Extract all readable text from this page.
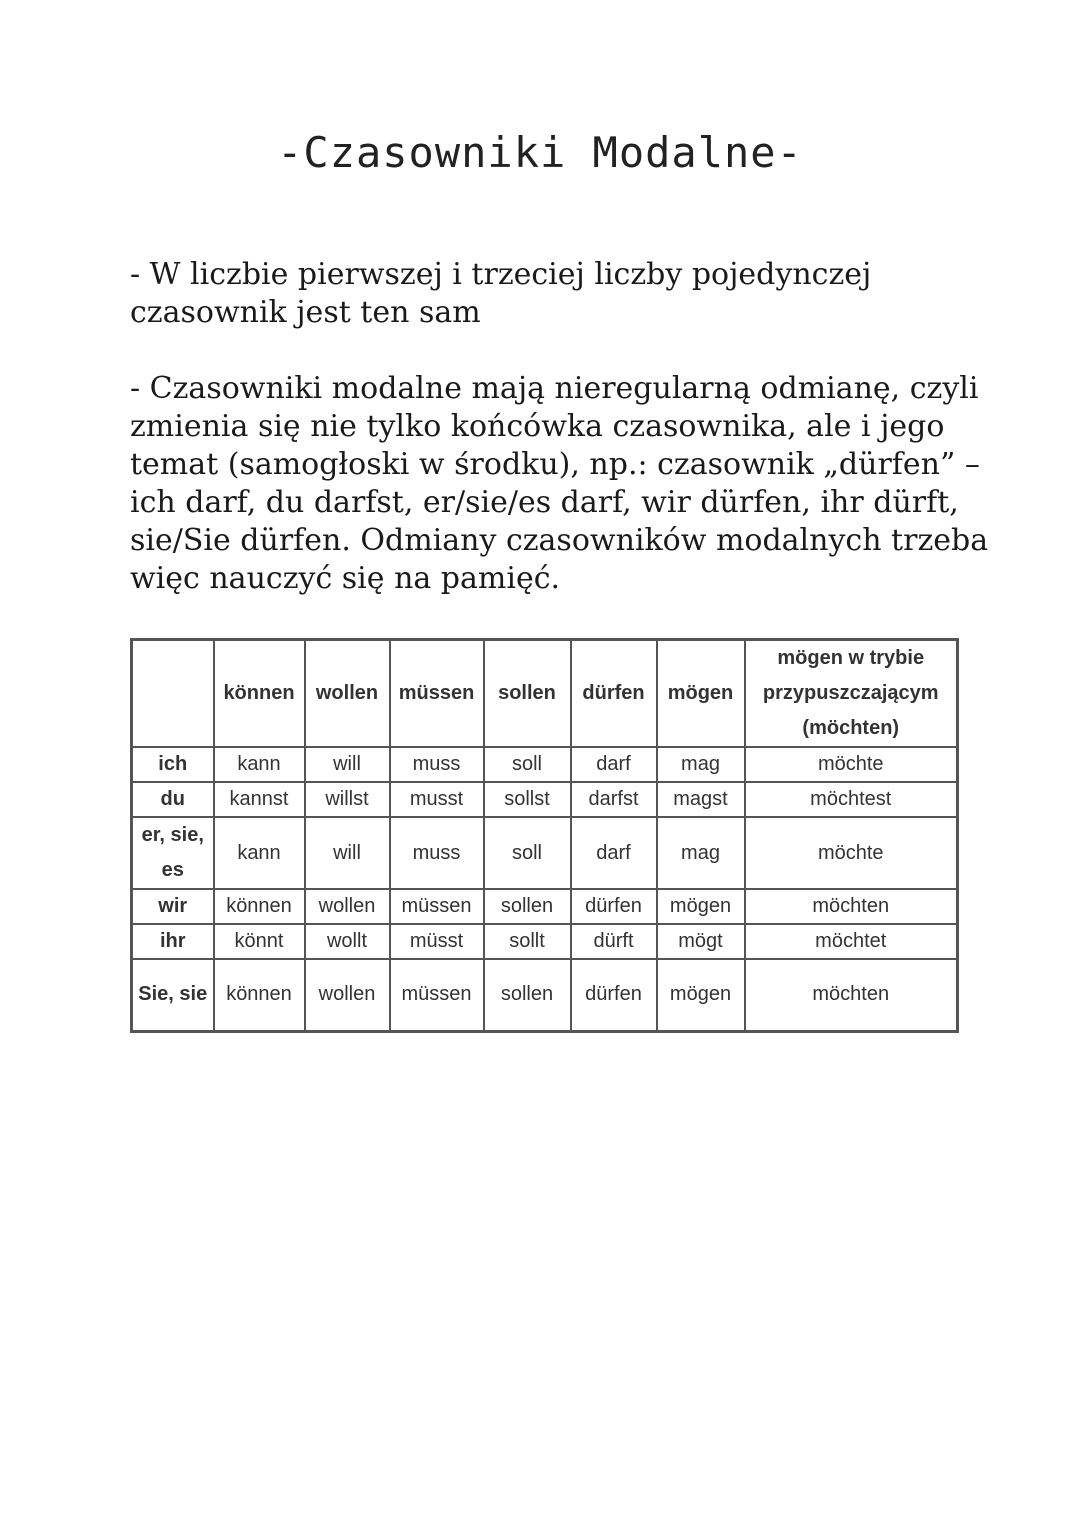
-Czasowniki Modalne-
- W liczbie pierwszej i trzeciej liczby pojedynczej czasownik jest ten sam
- Czasowniki modalne mają nieregularną odmianę, czyli zmienia się nie tylko końcówka czasownika, ale i jego temat (samogłoski w środku), np.: czasownik „dürfen” – ich darf, du darfst, er/sie/es darf, wir dürfen, ihr dürft, sie/Sie dürfen. Odmiany czasowników modalnych trzeba więc nauczyć się na pamięć.
	können	wollen	müssen	sollen	dürfen	mögen	mögen w trybie przypuszczającym (möchten)
ich	kann	will	muss	soll	darf	mag	möchte
du	kannst	willst	musst	sollst	darfst	magst	möchtest
er, sie, es	kann	will	muss	soll	darf	mag	möchte
wir	können	wollen	müssen	sollen	dürfen	mögen	möchten
ihr	könnt	wollt	müsst	sollt	dürft	mögt	möchtet
Sie, sie	können	wollen	müssen	sollen	dürfen	mögen	möchten
